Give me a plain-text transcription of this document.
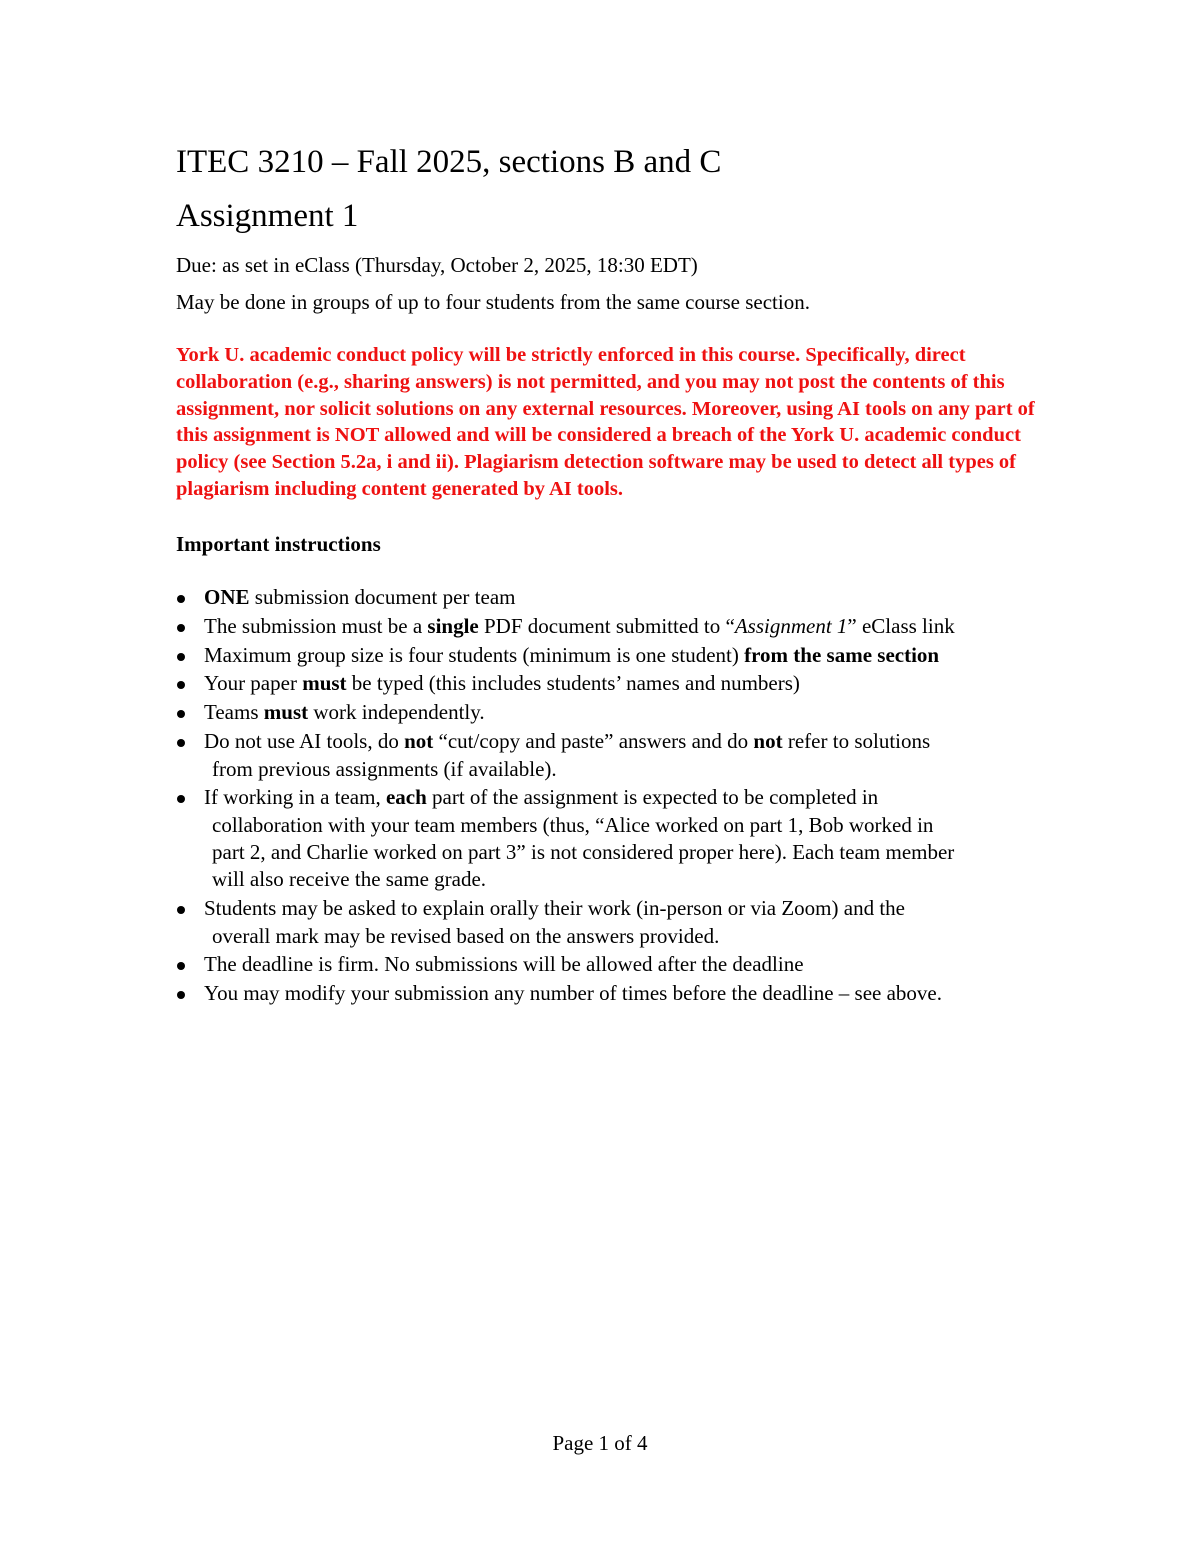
ITEC 3210 – Fall 2025, sections B and C
Assignment 1

Due: as set in eClass (Thursday, October 2, 2025, 18:30 EDT)

May be done in groups of up to four students from the same course section.

York U. academic conduct policy will be strictly enforced in this course. Specifically, direct collaboration (e.g., sharing answers) is not permitted, and you may not post the contents of this assignment, nor solicit solutions on any external resources. Moreover, using AI tools on any part of this assignment is NOT allowed and will be considered a breach of the York U. academic conduct policy (see Section 5.2a, i and ii). Plagiarism detection software may be used to detect all types of plagiarism including content generated by AI tools.

Important instructions

ONE submission document per team
The submission must be a single PDF document submitted to “Assignment 1” eClass link
Maximum group size is four students (minimum is one student) from the same section
Your paper must be typed (this includes students’ names and numbers)
Teams must work independently.
Do not use AI tools, do not “cut/copy and paste” answers and do not refer to solutions
from previous assignments (if available).
If working in a team, each part of the assignment is expected to be completed in
collaboration with your team members (thus, “Alice worked on part 1, Bob worked in
part 2, and Charlie worked on part 3” is not considered proper here). Each team member
will also receive the same grade.
Students may be asked to explain orally their work (in-person or via Zoom) and the
overall mark may be revised based on the answers provided.
The deadline is firm. No submissions will be allowed after the deadline
You may modify your submission any number of times before the deadline – see above.
Page 1 of 4
